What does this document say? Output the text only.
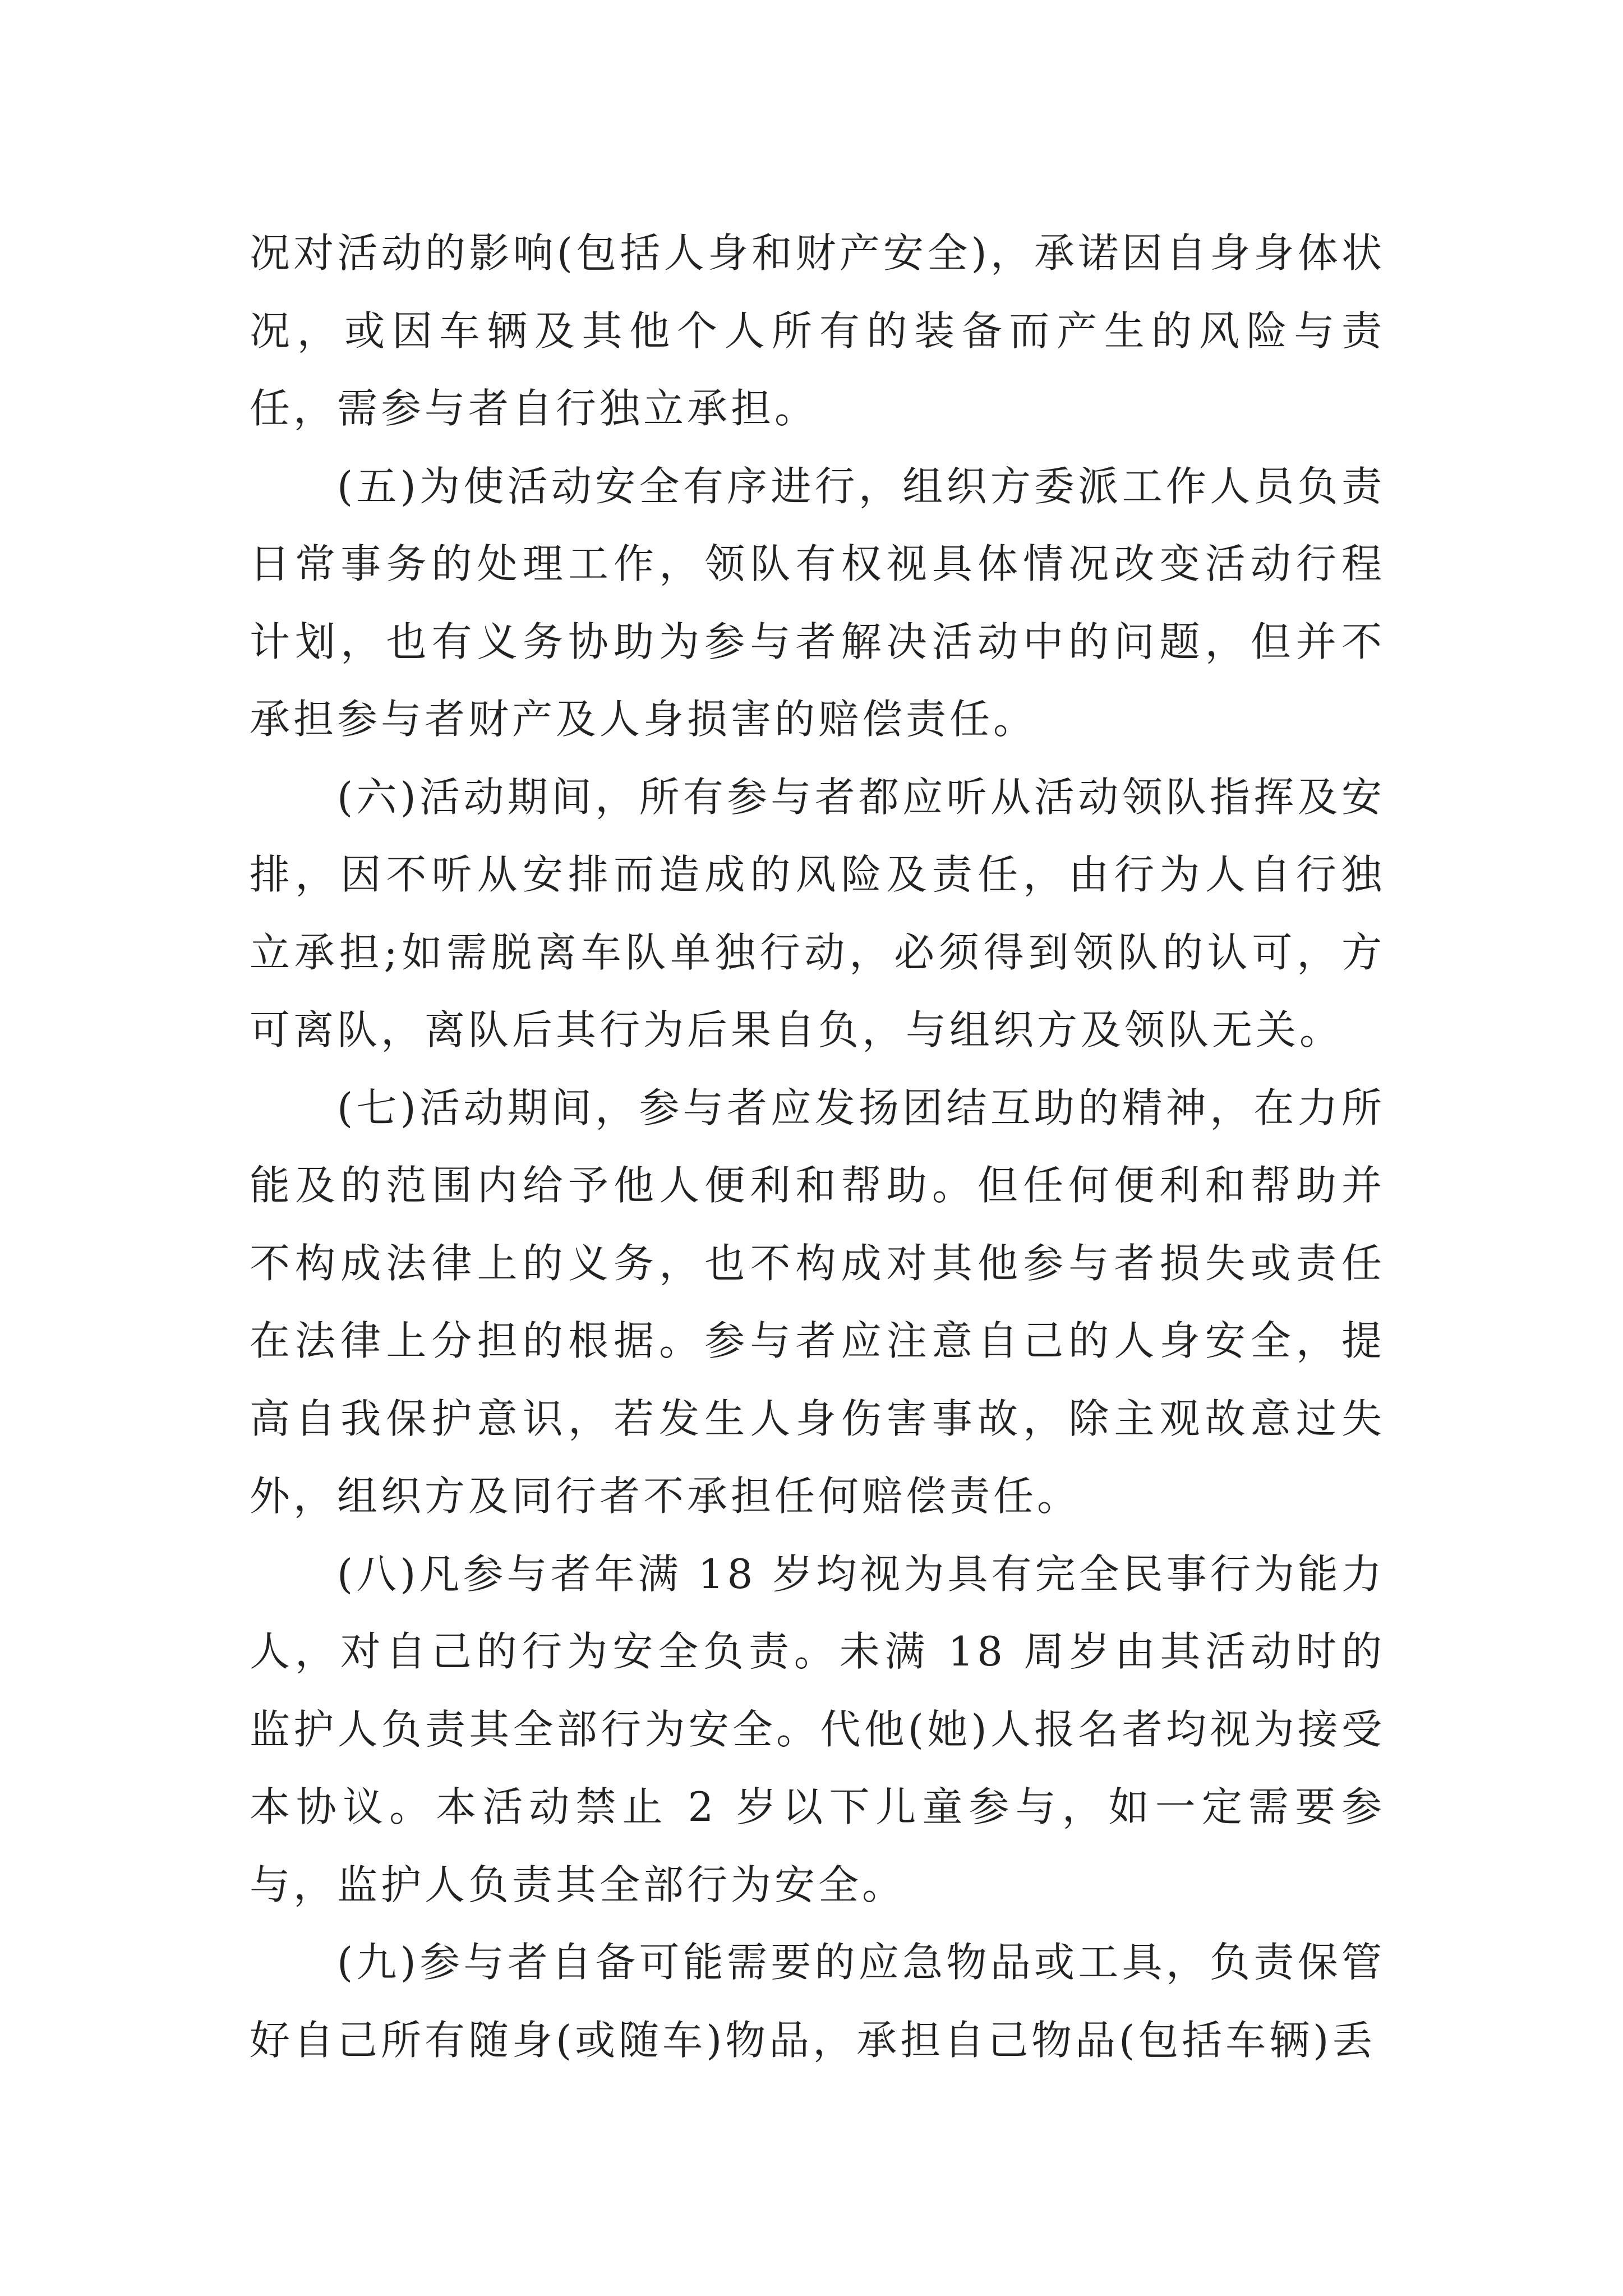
况对活动的影响(包括人身和财产安全)，承诺因自身身体状况，或因车辆及其他个人所有的装备而产生的风险与责任，需参与者自行独立承担。

(五)为使活动安全有序进行，组织方委派工作人员负责日常事务的处理工作，领队有权视具体情况改变活动行程计划，也有义务协助为参与者解决活动中的问题，但并不承担参与者财产及人身损害的赔偿责任。

(六)活动期间，所有参与者都应听从活动领队指挥及安排，因不听从安排而造成的风险及责任，由行为人自行独立承担;如需脱离车队单独行动，必须得到领队的认可，方可离队，离队后其行为后果自负，与组织方及领队无关。

(七)活动期间，参与者应发扬团结互助的精神，在力所能及的范围内给予他人便利和帮助。但任何便利和帮助并不构成法律上的义务，也不构成对其他参与者损失或责任在法律上分担的根据。参与者应注意自己的人身安全，提高自我保护意识，若发生人身伤害事故，除主观故意过失外，组织方及同行者不承担任何赔偿责任。

(八)凡参与者年满 18 岁均视为具有完全民事行为能力人，对自己的行为安全负责。未满 18 周岁由其活动时的监护人负责其全部行为安全。代他(她)人报名者均视为接受本协议。本活动禁止 2 岁以下儿童参与，如一定需要参与，监护人负责其全部行为安全。

(九)参与者自备可能需要的应急物品或工具，负责保管好自己所有随身(或随车)物品，承担自己物品(包括车辆)丢
